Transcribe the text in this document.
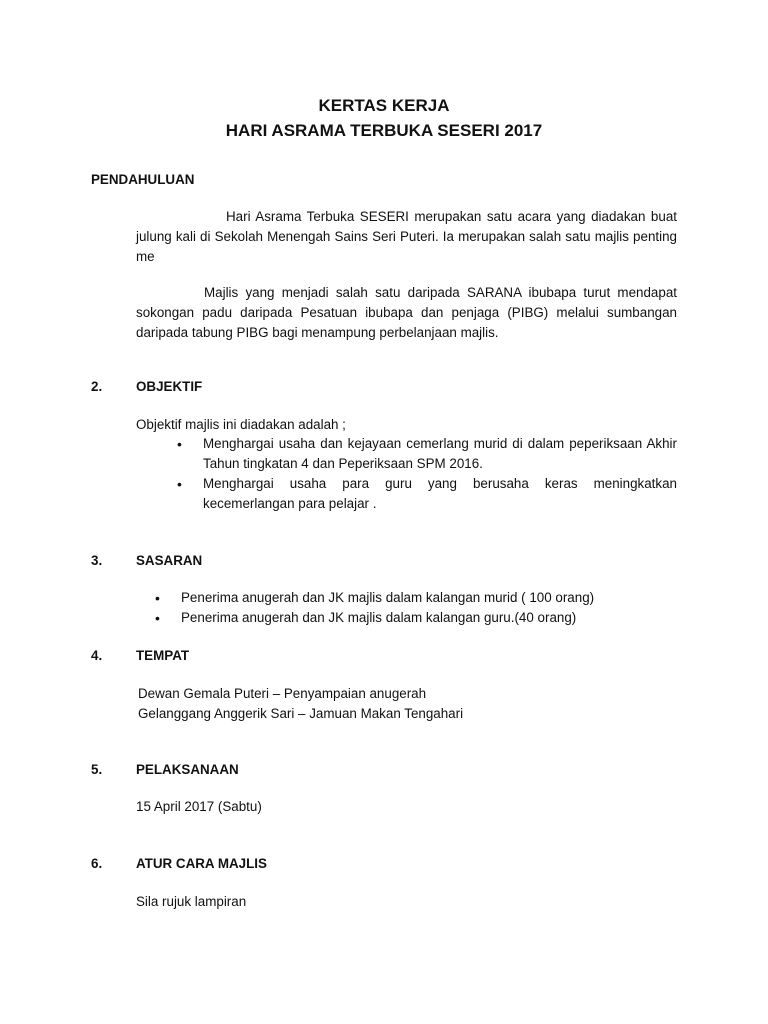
KERTAS KERJA
HARI ASRAMA TERBUKA SESERI 2017
PENDAHULUAN
Hari Asrama Terbuka SESERI merupakan satu acara yang diadakan buat julung kali di Sekolah Menengah Sains Seri Puteri. Ia merupakan salah satu majlis penting me
Majlis yang menjadi salah satu daripada SARANA ibubapa turut mendapat sokongan padu daripada Pesatuan ibubapa dan penjaga (PIBG) melalui sumbangan daripada tabung PIBG bagi menampung perbelanjaan majlis.
2.	OBJEKTIF
Objektif majlis ini diadakan adalah ;
•	Menghargai usaha dan kejayaan cemerlang murid di dalam peperiksaan Akhir Tahun tingkatan 4 dan Peperiksaan SPM 2016.
•	Menghargai usaha para guru yang berusaha keras meningkatkan kecemerlangan para pelajar .
3.	SASARAN
•	Penerima anugerah dan JK majlis dalam kalangan murid ( 100 orang)
•	Penerima anugerah dan JK majlis dalam kalangan guru.(40 orang)
4.	TEMPAT
Dewan Gemala Puteri – Penyampaian anugerah
Gelanggang Anggerik Sari – Jamuan Makan Tengahari
5.	PELAKSANAAN
15 April 2017 (Sabtu)
6.	ATUR CARA MAJLIS
Sila rujuk lampiran
